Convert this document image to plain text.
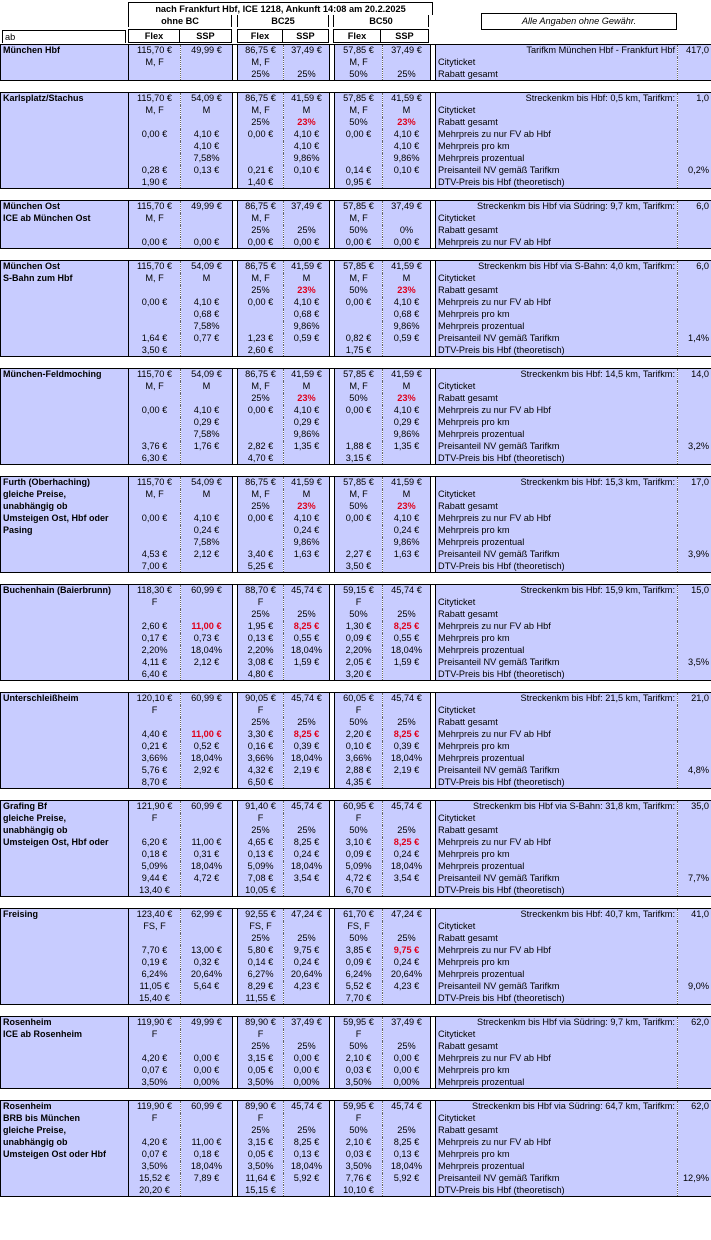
nach Frankfurt Hbf, ICE 1218, Ankunft 14:08 am 20.2.2025
ohne BC	BC25	BC50
Flex	SSP	Flex	SSP	Flex	SSP
ab
Alle Angaben ohne Gewähr.
München Hbf	115,70 €	49,99 €		86,75 €	37,49 €		57,85 €	37,49 €		Tarifkm München Hbf - Frankfurt Hbf	417,0
	M, F			M, F			M, F			Cityticket	
				25%	25%		50%	25%		Rabatt gesamt	

Karlsplatz/Stachus	115,70 €	54,09 €		86,75 €	41,59 €		57,85 €	41,59 €		Streckenkm bis Hbf: 0,5 km, Tarifkm:	1,0
	M, F	M		M, F	M		M, F	M		Cityticket	
				25%	23%		50%	23%		Rabatt gesamt	
	0,00 €	4,10 €		0,00 €	4,10 €		0,00 €	4,10 €		Mehrpreis zu nur FV ab Hbf	
		4,10 €			4,10 €			4,10 €		Mehrpreis pro km	
		7,58%			9,86%			9,86%		Mehrpreis prozentual	
	0,28 €	0,13 €		0,21 €	0,10 €		0,14 €	0,10 €		Preisanteil NV gemäß Tarifkm	0,2%
	1,90 €			1,40 €			0,95 €			DTV-Preis bis Hbf (theoretisch)	

München Ost	115,70 €	49,99 €		86,75 €	37,49 €		57,85 €	37,49 €		Streckenkm bis Hbf via Südring: 9,7 km, Tarifkm:	6,0
ICE ab München Ost	M, F			M, F			M, F			Cityticket	
				25%	25%		50%	0%		Rabatt gesamt	
	0,00 €	0,00 €		0,00 €	0,00 €		0,00 €	0,00 €		Mehrpreis zu nur FV ab Hbf	

München Ost	115,70 €	54,09 €		86,75 €	41,59 €		57,85 €	41,59 €		Streckenkm bis Hbf via S-Bahn: 4,0 km, Tarifkm:	6,0
S-Bahn zum Hbf	M, F	M		M, F	M		M, F	M		Cityticket	
				25%	23%		50%	23%		Rabatt gesamt	
	0,00 €	4,10 €		0,00 €	4,10 €		0,00 €	4,10 €		Mehrpreis zu nur FV ab Hbf	
		0,68 €			0,68 €			0,68 €		Mehrpreis pro km	
		7,58%			9,86%			9,86%		Mehrpreis prozentual	
	1,64 €	0,77 €		1,23 €	0,59 €		0,82 €	0,59 €		Preisanteil NV gemäß Tarifkm	1,4%
	3,50 €			2,60 €			1,75 €			DTV-Preis bis Hbf (theoretisch)	

München-Feldmoching	115,70 €	54,09 €		86,75 €	41,59 €		57,85 €	41,59 €		Streckenkm bis Hbf: 14,5 km, Tarifkm:	14,0
	M, F	M		M, F	M		M, F	M		Cityticket	
				25%	23%		50%	23%		Rabatt gesamt	
	0,00 €	4,10 €		0,00 €	4,10 €		0,00 €	4,10 €		Mehrpreis zu nur FV ab Hbf	
		0,29 €			0,29 €			0,29 €		Mehrpreis pro km	
		7,58%			9,86%			9,86%		Mehrpreis prozentual	
	3,76 €	1,76 €		2,82 €	1,35 €		1,88 €	1,35 €		Preisanteil NV gemäß Tarifkm	3,2%
	6,30 €			4,70 €			3,15 €			DTV-Preis bis Hbf (theoretisch)	

Furth (Oberhaching)	115,70 €	54,09 €		86,75 €	41,59 €		57,85 €	41,59 €		Streckenkm bis Hbf: 15,3 km, Tarifkm:	17,0
gleiche Preise,	M, F	M		M, F	M		M, F	M		Cityticket	
unabhängig ob				25%	23%		50%	23%		Rabatt gesamt	
Umsteigen Ost, Hbf oder	0,00 €	4,10 €		0,00 €	4,10 €		0,00 €	4,10 €		Mehrpreis zu nur FV ab Hbf	
Pasing		0,24 €			0,24 €			0,24 €		Mehrpreis pro km	
		7,58%			9,86%			9,86%		Mehrpreis prozentual	
	4,53 €	2,12 €		3,40 €	1,63 €		2,27 €	1,63 €		Preisanteil NV gemäß Tarifkm	3,9%
	7,00 €			5,25 €			3,50 €			DTV-Preis bis Hbf (theoretisch)	

Buchenhain (Baierbrunn)	118,30 €	60,99 €		88,70 €	45,74 €		59,15 €	45,74 €		Streckenkm bis Hbf: 15,9 km, Tarifkm:	15,0
	F			F			F			Cityticket	
				25%	25%		50%	25%		Rabatt gesamt	
	2,60 €	11,00 €		1,95 €	8,25 €		1,30 €	8,25 €		Mehrpreis zu nur FV ab Hbf	
	0,17 €	0,73 €		0,13 €	0,55 €		0,09 €	0,55 €		Mehrpreis pro km	
	2,20%	18,04%		2,20%	18,04%		2,20%	18,04%		Mehrpreis prozentual	
	4,11 €	2,12 €		3,08 €	1,59 €		2,05 €	1,59 €		Preisanteil NV gemäß Tarifkm	3,5%
	6,40 €			4,80 €			3,20 €			DTV-Preis bis Hbf (theoretisch)	

Unterschleißheim	120,10 €	60,99 €		90,05 €	45,74 €		60,05 €	45,74 €		Streckenkm bis Hbf: 21,5 km, Tarifkm:	21,0
	F			F			F			Cityticket	
				25%	25%		50%	25%		Rabatt gesamt	
	4,40 €	11,00 €		3,30 €	8,25 €		2,20 €	8,25 €		Mehrpreis zu nur FV ab Hbf	
	0,21 €	0,52 €		0,16 €	0,39 €		0,10 €	0,39 €		Mehrpreis pro km	
	3,66%	18,04%		3,66%	18,04%		3,66%	18,04%		Mehrpreis prozentual	
	5,76 €	2,92 €		4,32 €	2,19 €		2,88 €	2,19 €		Preisanteil NV gemäß Tarifkm	4,8%
	8,70 €			6,50 €			4,35 €			DTV-Preis bis Hbf (theoretisch)	

Grafing Bf	121,90 €	60,99 €		91,40 €	45,74 €		60,95 €	45,74 €		Streckenkm bis Hbf via S-Bahn: 31,8 km, Tarifkm:	35,0
gleiche Preise,	F			F			F			Cityticket	
unabhängig ob				25%	25%		50%	25%		Rabatt gesamt	
Umsteigen Ost, Hbf oder	6,20 €	11,00 €		4,65 €	8,25 €		3,10 €	8,25 €		Mehrpreis zu nur FV ab Hbf	
	0,18 €	0,31 €		0,13 €	0,24 €		0,09 €	0,24 €		Mehrpreis pro km	
	5,09%	18,04%		5,09%	18,04%		5,09%	18,04%		Mehrpreis prozentual	
	9,44 €	4,72 €		7,08 €	3,54 €		4,72 €	3,54 €		Preisanteil NV gemäß Tarifkm	7,7%
	13,40 €			10,05 €			6,70 €			DTV-Preis bis Hbf (theoretisch)	

Freising	123,40 €	62,99 €		92,55 €	47,24 €		61,70 €	47,24 €		Streckenkm bis Hbf: 40,7 km, Tarifkm:	41,0
	FS, F			FS, F			FS, F			Cityticket	
				25%	25%		50%	25%		Rabatt gesamt	
	7,70 €	13,00 €		5,80 €	9,75 €		3,85 €	9,75 €		Mehrpreis zu nur FV ab Hbf	
	0,19 €	0,32 €		0,14 €	0,24 €		0,09 €	0,24 €		Mehrpreis pro km	
	6,24%	20,64%		6,27%	20,64%		6,24%	20,64%		Mehrpreis prozentual	
	11,05 €	5,64 €		8,29 €	4,23 €		5,52 €	4,23 €		Preisanteil NV gemäß Tarifkm	9,0%
	15,40 €			11,55 €			7,70 €			DTV-Preis bis Hbf (theoretisch)	

Rosenheim	119,90 €	49,99 €		89,90 €	37,49 €		59,95 €	37,49 €		Streckenkm bis Hbf via Südring: 9,7 km, Tarifkm:	62,0
ICE ab Rosenheim	F			F			F			Cityticket	
				25%	25%		50%	25%		Rabatt gesamt	
	4,20 €	0,00 €		3,15 €	0,00 €		2,10 €	0,00 €		Mehrpreis zu nur FV ab Hbf	
	0,07 €	0,00 €		0,05 €	0,00 €		0,03 €	0,00 €		Mehrpreis pro km	
	3,50%	0,00%		3,50%	0,00%		3,50%	0,00%		Mehrpreis prozentual	

Rosenheim	119,90 €	60,99 €		89,90 €	45,74 €		59,95 €	45,74 €		Streckenkm bis Hbf via Südring: 64,7 km, Tarifkm:	62,0
BRB bis München	F			F			F			Cityticket	
gleiche Preise,				25%	25%		50%	25%		Rabatt gesamt	
unabhängig ob	4,20 €	11,00 €		3,15 €	8,25 €		2,10 €	8,25 €		Mehrpreis zu nur FV ab Hbf	
Umsteigen Ost oder Hbf	0,07 €	0,18 €		0,05 €	0,13 €		0,03 €	0,13 €		Mehrpreis pro km	
	3,50%	18,04%		3,50%	18,04%		3,50%	18,04%		Mehrpreis prozentual	
	15,52 €	7,89 €		11,64 €	5,92 €		7,76 €	5,92 €		Preisanteil NV gemäß Tarifkm	12,9%
	20,20 €			15,15 €			10,10 €			DTV-Preis bis Hbf (theoretisch)	
